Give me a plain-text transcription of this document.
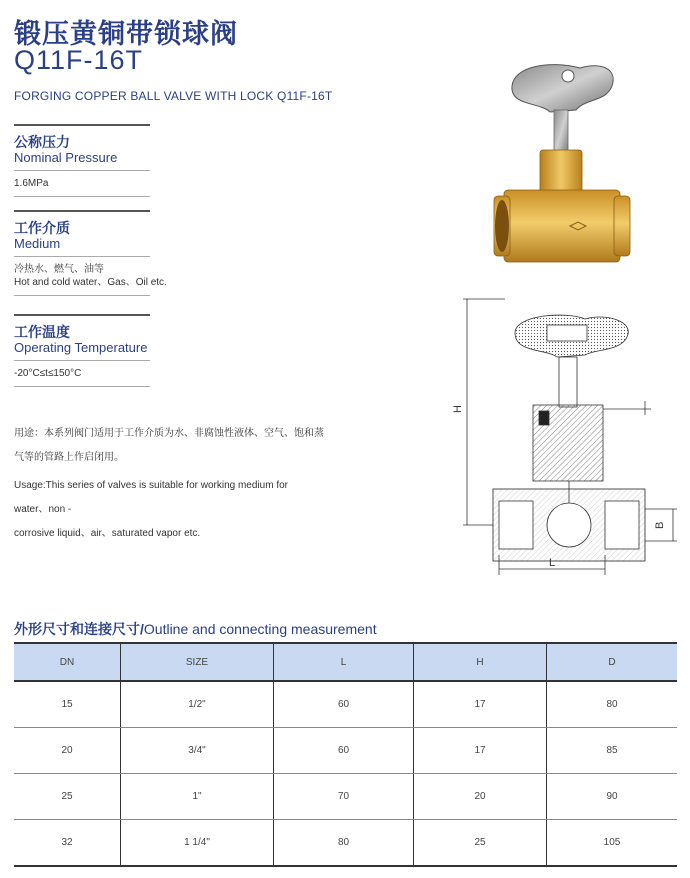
锻压黄铜带锁球阀
Q11F-16T
FORGING COPPER BALL VALVE WITH LOCK Q11F-16T
公称压力
Nominal Pressure
1.6MPa
工作介质
Medium
冷热水、燃气、油等
Hot and cold water、Gas、Oil etc.
工作温度
Operating Temperature
-20°C≤t≤150°C
用途：本系列阀门适用于工作介质为水、非腐蚀性液体、空气、饱和蒸
气等的管路上作启闭用。
Usage:This series of valves is suitable for working medium for water、non -
corrosive liquid、air、saturated vapor etc.
H
B
L
外形尺寸和连接尺寸/Outline and connecting measurement
DN	SIZE	L	H	D
15	1/2"	60	17	80
20	3/4"	60	17	85
25	1"	70	20	90
32	1 1/4"	80	25	105
